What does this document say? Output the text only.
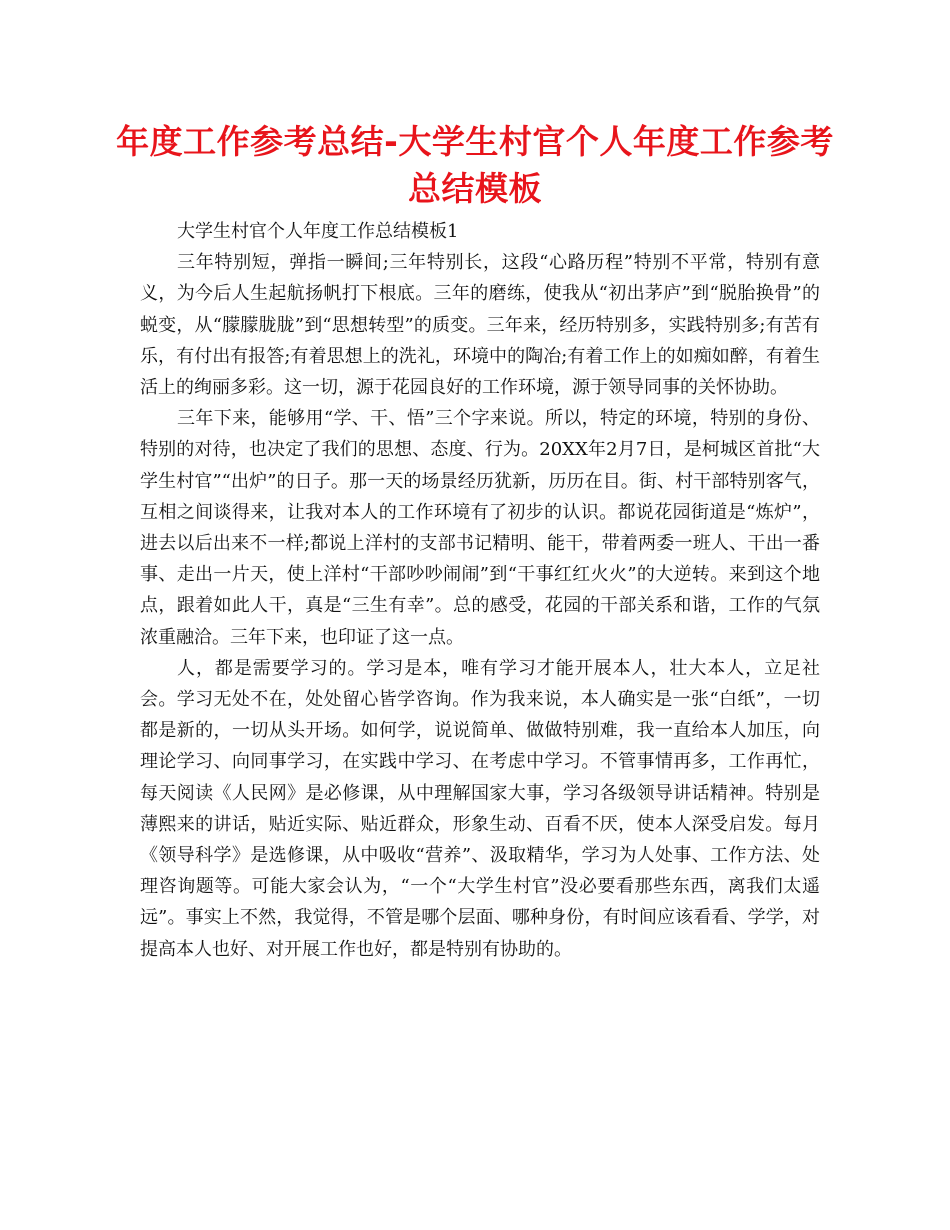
年度工作参考总结-大学生村官个人年度工作参考总结模板

大学生村官个人年度工作总结模板1

三年特别短，弹指一瞬间;三年特别长，这段“心路历程”特别不平常，特别有意义，为今后人生起航扬帆打下根底。三年的磨练，使我从“初出茅庐”到“脱胎换骨”的蜕变，从“朦朦胧胧”到“思想转型”的质变。三年来，经历特别多，实践特别多;有苦有乐，有付出有报答;有着思想上的洗礼，环境中的陶冶;有着工作上的如痴如醉，有着生活上的绚丽多彩。这一切，源于花园良好的工作环境，源于领导同事的关怀协助。

三年下来，能够用“学、干、悟”三个字来说。所以，特定的环境，特别的身份、特别的对待，也决定了我们的思想、态度、行为。20XX年2月7日，是柯城区首批“大学生村官”“出炉”的日子。那一天的场景经历犹新，历历在目。街、村干部特别客气，互相之间谈得来，让我对本人的工作环境有了初步的认识。都说花园街道是“炼炉”，进去以后出来不一样;都说上洋村的支部书记精明、能干，带着两委一班人、干出一番事、走出一片天，使上洋村“干部吵吵闹闹”到“干事红红火火”的大逆转。来到这个地点，跟着如此人干，真是“三生有幸”。总的感受，花园的干部关系和谐，工作的气氛浓重融洽。三年下来，也印证了这一点。

人，都是需要学习的。学习是本，唯有学习才能开展本人，壮大本人，立足社会。学习无处不在，处处留心皆学咨询。作为我来说，本人确实是一张“白纸”，一切都是新的，一切从头开场。如何学，说说简单、做做特别难，我一直给本人加压，向理论学习、向同事学习，在实践中学习、在考虑中学习。不管事情再多，工作再忙，每天阅读《人民网》是必修课，从中理解国家大事，学习各级领导讲话精神。特别是薄熙来的讲话，贴近实际、贴近群众，形象生动、百看不厌，使本人深受启发。每月《领导科学》是选修课，从中吸收“营养”、汲取精华，学习为人处事、工作方法、处理咨询题等。可能大家会认为，“一个“大学生村官”没必要看那些东西，离我们太遥远”。事实上不然，我觉得，不管是哪个层面、哪种身份，有时间应该看看、学学，对提高本人也好、对开展工作也好，都是特别有协助的。
